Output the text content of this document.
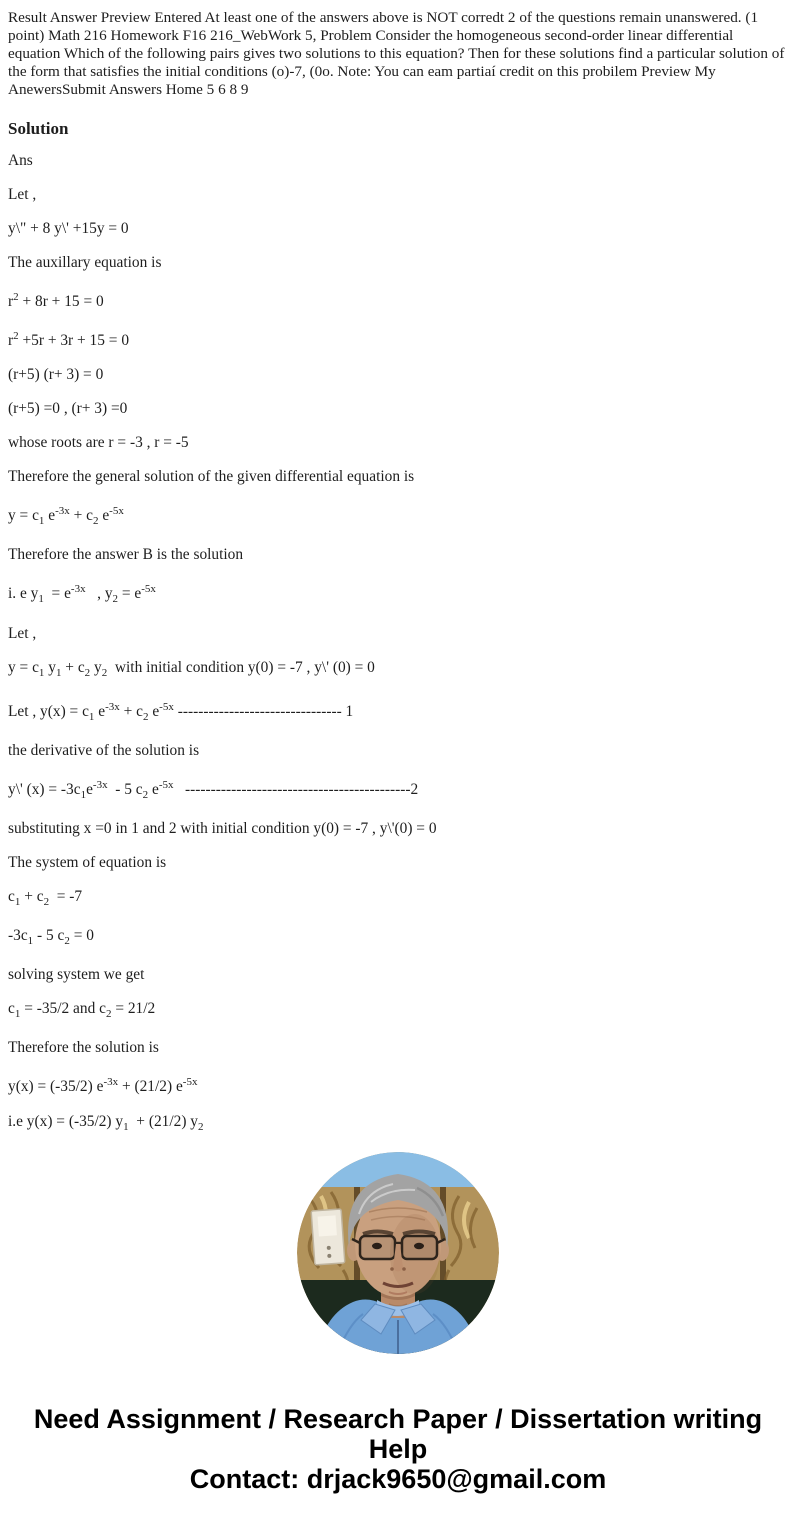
Result Answer Preview Entered At least one of the answers above is NOT corredt 2 of the questions remain unanswered. (1 point) Math 216 Homework F16 216_WebWork 5, Problem Consider the homogeneous second-order linear differential equation Which of the following pairs gives two solutions to this equation? Then for these solutions find a particular solution of the form that satisfies the initial conditions (o)-7, (0o. Note: You can eam partiaí credit on this probilem Preview My AnewersSubmit Answers Home 5 6 8 9

Solution

Ans

Let ,

y\" + 8 y\' +15y = 0

The auxillary equation is

$r^2 + 8r + 15 = 0$

$r^2 +5r + 3r + 15 = 0$

(r+5) (r+ 3) = 0

(r+5) =0 , (r+ 3) =0

whose roots are r = -3 , r = -5

Therefore the general solution of the given differential equation is

$y = c_1$ $e^{-3x} + c_2$ $e^{-5x}$

Therefore the answer B is the solution

i. e $y_1 = e^{-3x}$   , $y_2 = e^{-5x}$

Let ,

$y = c_1$ $y_1 + c_2$ $y_2$  with initial condition y(0) = -7 , y\' (0) = 0

Let , $y(x) = c_1$ $e^{-3x} + c_2$ $e^{-5x}$ -------------------------------- 1

the derivative of the solution is

y\' $(x) = -3c_1e^{-3x} - 5$ $c_2$ $e^{-5x}$   --------------------------------------------2

substituting x =0 in 1 and 2 with initial condition y(0) = -7 , y\'(0) = 0

The system of equation is

$c_1 + c_2 = -7$

$-3c_1 - 5$ $c_2 = 0$

solving system we get

$c_1 = -35/2$ and $c_2 = 21/2$

Therefore the solution is

y(x) = (-35/2) $e^{-3x} + (21/2)$ $e^{-5x}$

i.e y(x) = (-35/2) $y_1 + (21/2)$ $y_2$

Need Assignment / Research Paper / Dissertation writing Help
Contact: drjack9650@gmail.com
